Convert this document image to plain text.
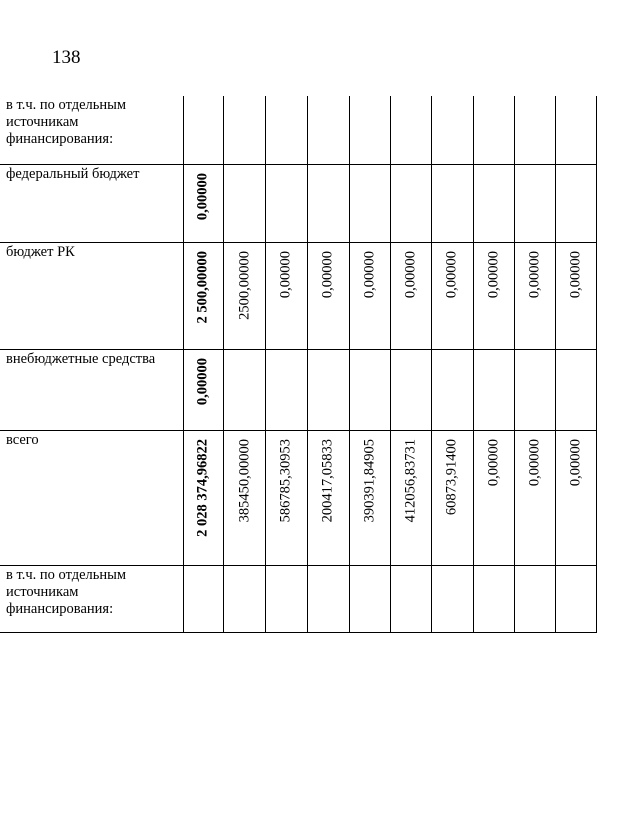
138
в т.ч. по отдельным источникам финансирования:										

федеральный бюджет	0,00000									

бюджет РК	2 500,00000	2500,00000	0,00000	0,00000	0,00000	0,00000	0,00000	0,00000	0,00000	0,00000

внебюджетные средства	0,00000									

всего	2 028 374,96822	385450,00000	586785,30953	200417,05833	390391,84905	412056,83731	60873,91400	0,00000	0,00000	0,00000

в т.ч. по отдельным источникам финансирования:										
